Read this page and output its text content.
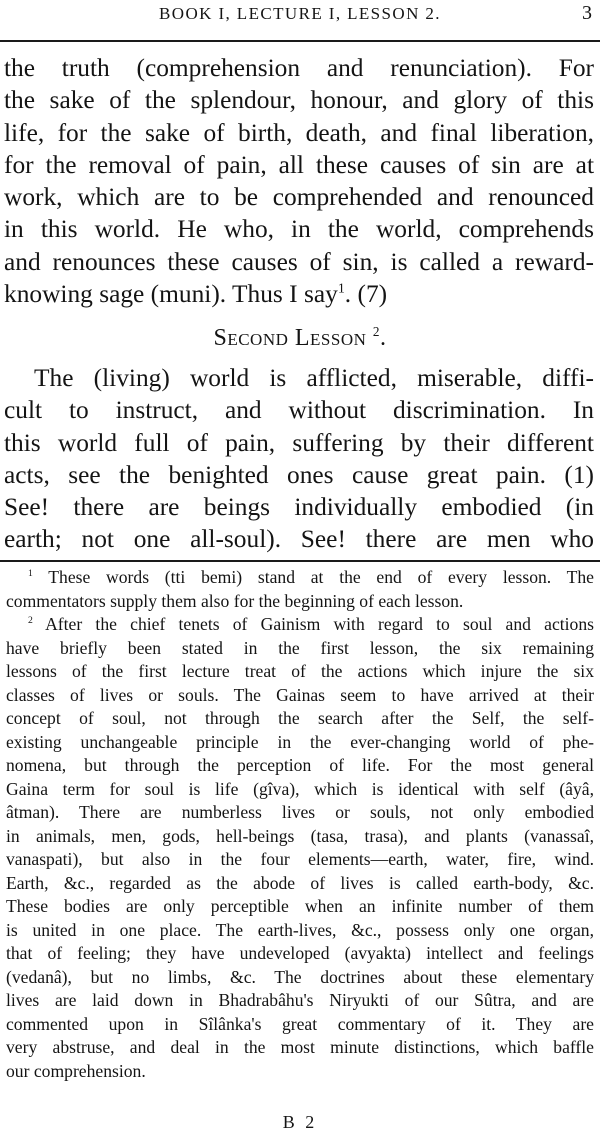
BOOK I, LECTURE I, LESSON 2.	3
the truth (comprehension and renunciation). For
the sake of the splendour, honour, and glory of this
life, for the sake of birth, death, and final liberation,
for the removal of pain, all these causes of sin are at
work, which are to be comprehended and renounced
in this world. He who, in the world, comprehends
and renounces these causes of sin, is called a reward-
knowing sage (muni). Thus I say$^1$. (7)
Second Lesson $^2$.
The (living) world is afflicted, miserable, diffi-
cult to instruct, and without discrimination. In
this world full of pain, suffering by their different
acts, see the benighted ones cause great pain. (1)
See! there are beings individually embodied (in
earth; not one all-soul). See! there are men who
$^1$ These words (tti bemi) stand at the end of every lesson. The
commentators supply them also for the beginning of each lesson.
$^2$ After the chief tenets of Gainism with regard to soul and actions
have briefly been stated in the first lesson, the six remaining
lessons of the first lecture treat of the actions which injure the six
classes of lives or souls. The Gainas seem to have arrived at their
concept of soul, not through the search after the Self, the self-
existing unchangeable principle in the ever-changing world of phe-
nomena, but through the perception of life. For the most general
Gaina term for soul is life (gîva), which is identical with self (âyâ,
âtman). There are numberless lives or souls, not only embodied
in animals, men, gods, hell-beings (tasa, trasa), and plants (vanassaî,
vanaspati), but also in the four elements—earth, water, fire, wind.
Earth, &c., regarded as the abode of lives is called earth-body, &c.
These bodies are only perceptible when an infinite number of them
is united in one place. The earth-lives, &c., possess only one organ,
that of feeling; they have undeveloped (avyakta) intellect and feelings
(vedanâ), but no limbs, &c. The doctrines about these elementary
lives are laid down in Bhadrabâhu's Niryukti of our Sûtra, and are
commented upon in Sîlânka's great commentary of it. They are
very abstruse, and deal in the most minute distinctions, which baffle
our comprehension.
B 2
